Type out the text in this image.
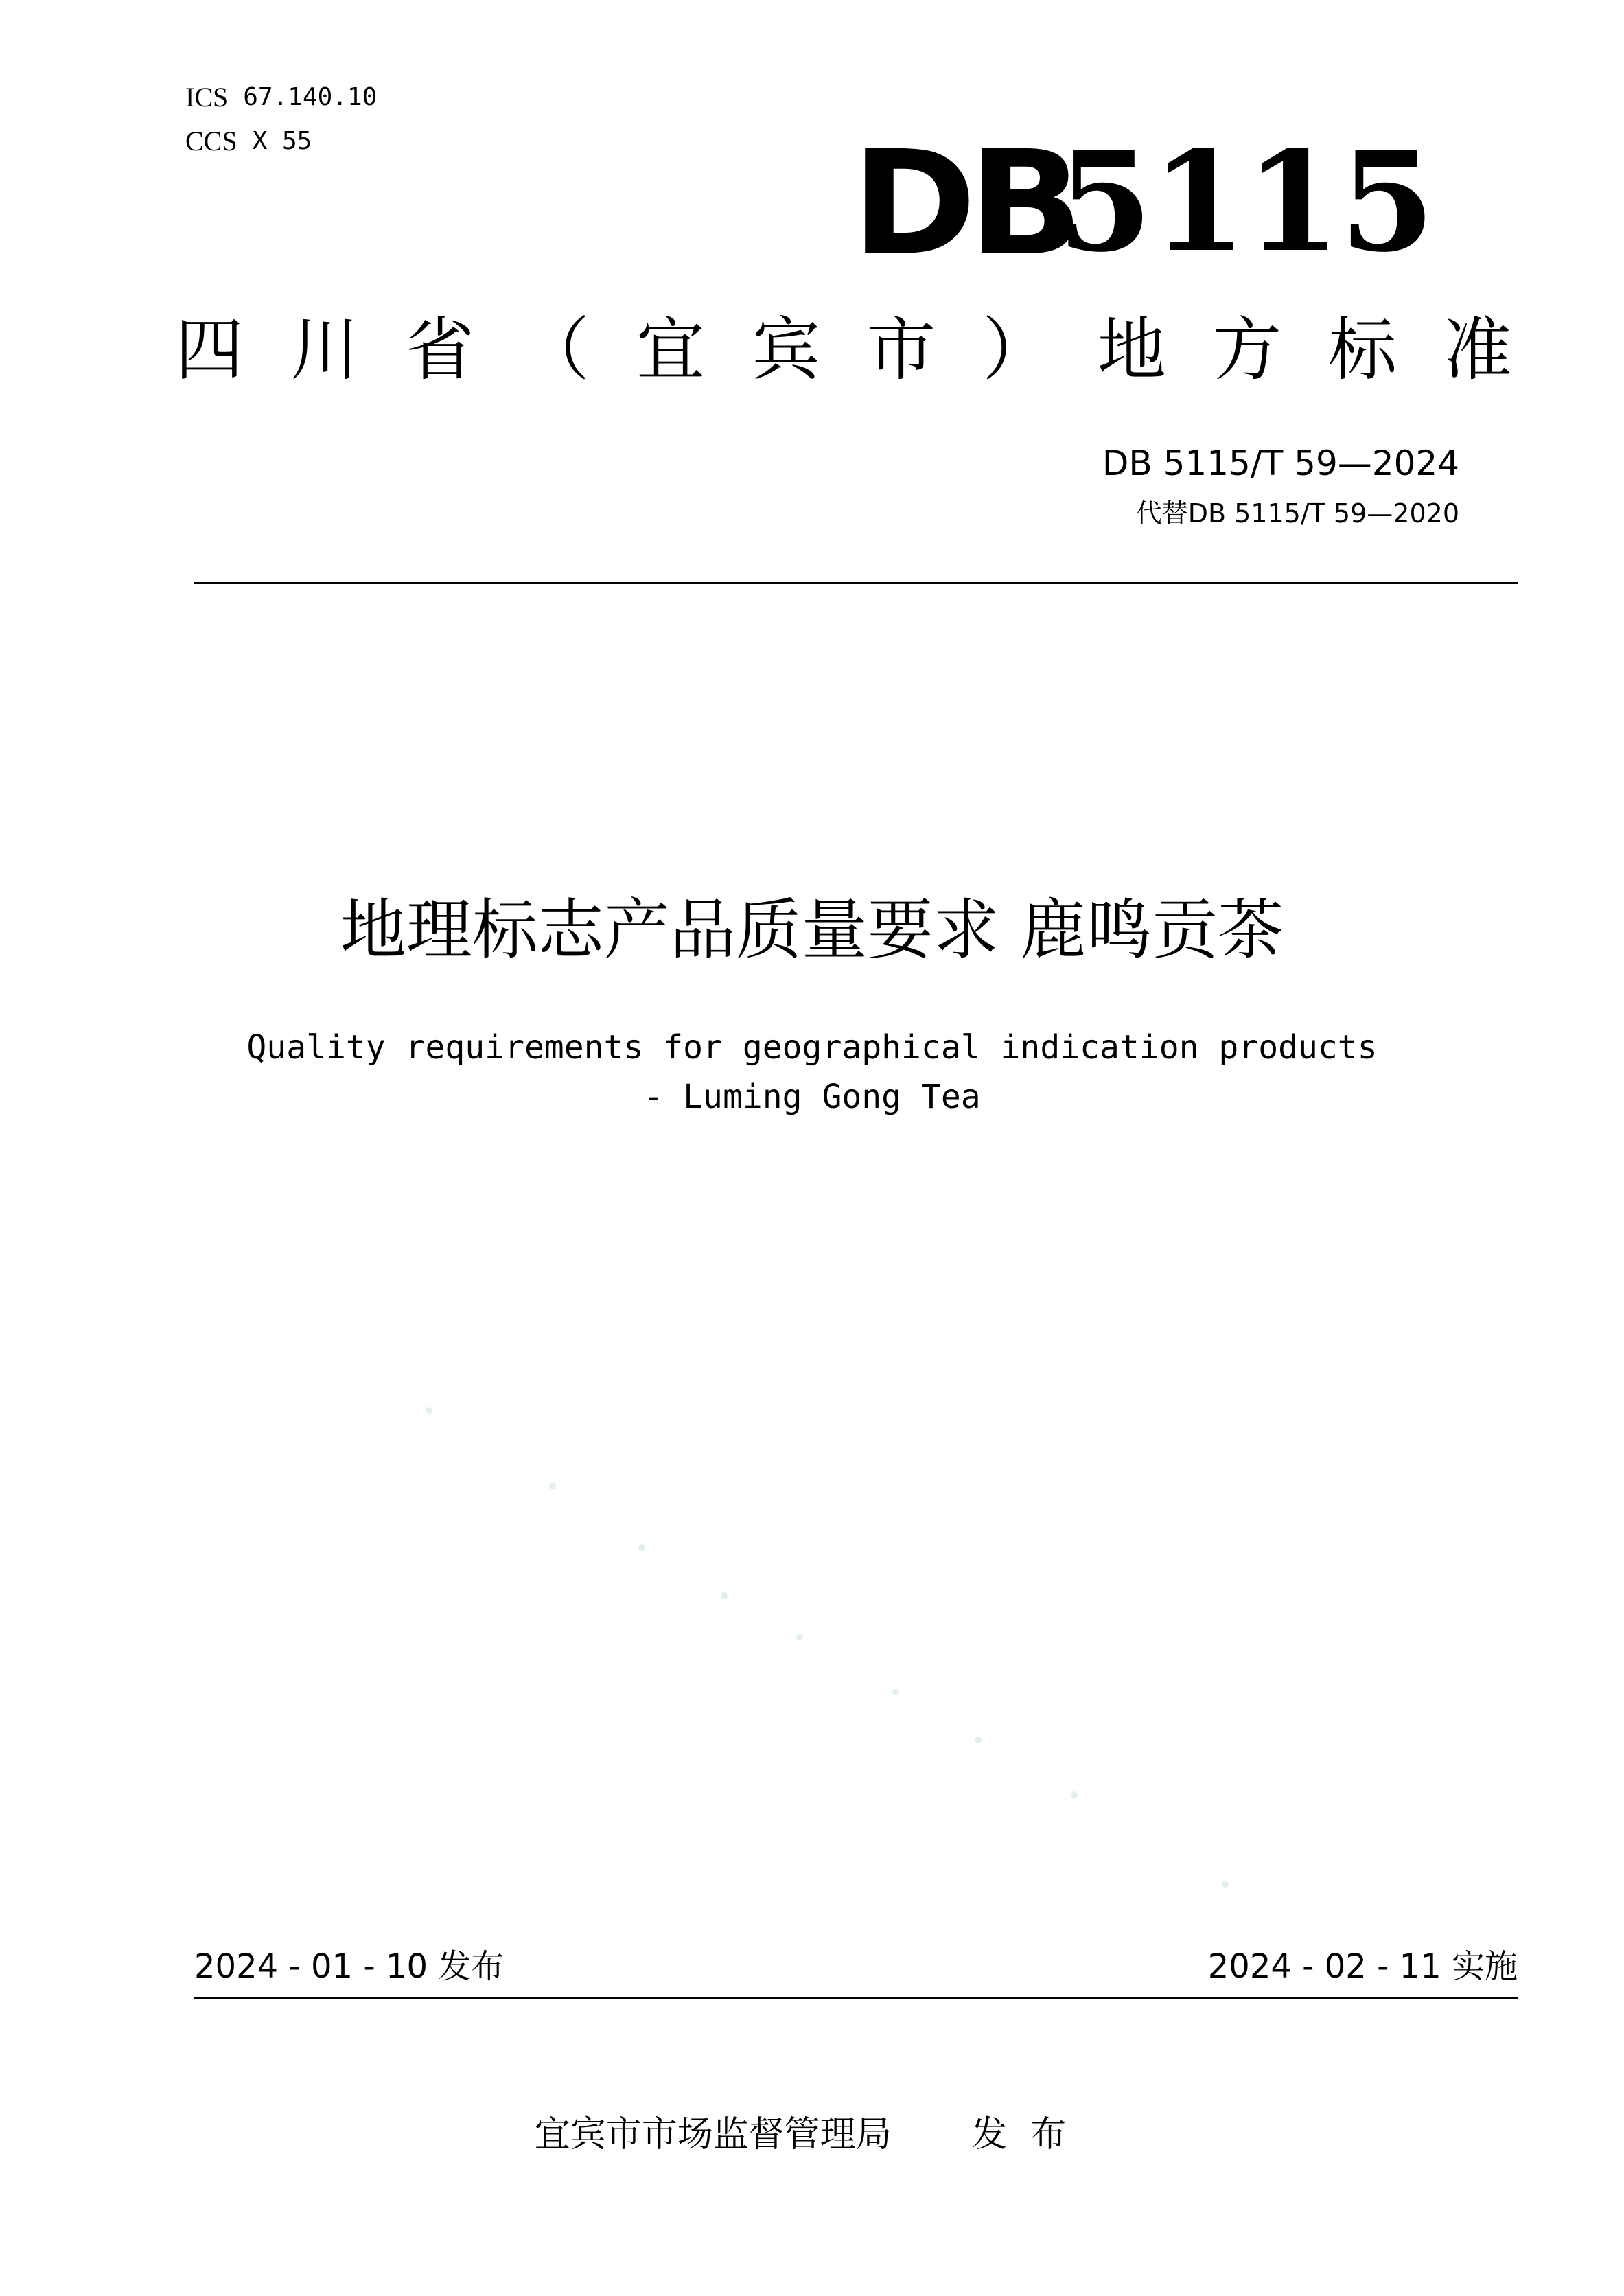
ICS 67.140.10
CCS X 55	DB
5115
四川省（宜宾市）地方标准
DB 5115/T 59—2024
代替DB 5115/T 59—2020
地理标志产品质量要求 鹿鸣贡茶
Quality requirements for geographical indication products
- Luming Gong Tea
2024 - 01 - 10 发布	2024 - 02 - 11 实施
宜宾市市场监督管理局 发布
